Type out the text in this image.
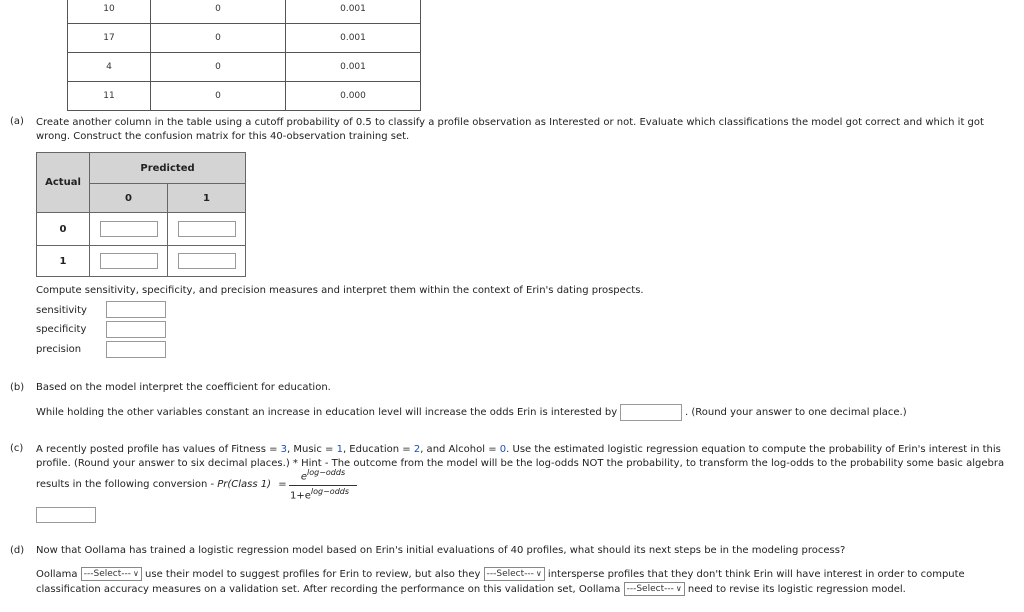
10	0	0.001
17	0	0.001
4	0	0.001
11	0	0.000
(a) Create another column in the table using a cutoff probability of 0.5 to classify a profile observation as Interested or not. Evaluate which classifications the model got correct and which it got

wrong. Construct the confusion matrix for this 40-observation training set.

Actual	Predicted	
	0	1
0	

1	

Compute sensitivity, specificity, and precision measures and interpret them within the context of Erin's dating prospects.
sensitivity
specificity
precision
(b) Based on the model interpret the coefficient for education.
While holding the other variables constant an increase in education level will increase the odds Erin is interested by	. (Round your answer to one decimal place.)
(c) A recently posted profile has values of Fitness = 3, Music = 1, Education = 2, and Alcohol = 0. Use the estimated logistic regression equation to compute the probability of Erin's interest in this

profile. (Round your answer to six decimal places.) * Hint - The outcome from the model will be the log-odds NOT the probability, to transform the log-odds to the probability some basic algebra

results in the following conversion - Pr(Class 1) =
$e^{log-odds}$
$1+e^{log-odds}$
(d) Now that Oollama has trained a logistic regression model based on Erin's initial evaluations of 40 profiles, what should its next steps be in the modeling process?

Oollama ---Select--- ∨ use their model to suggest profiles for Erin to review, but also they ---Select--- ∨ intersperse profiles that they don't think Erin will have interest in order to compute

classification accuracy measures on a validation set. After recording the performance on this validation set, Oollama ---Select--- ∨ need to revise its logistic regression model.
